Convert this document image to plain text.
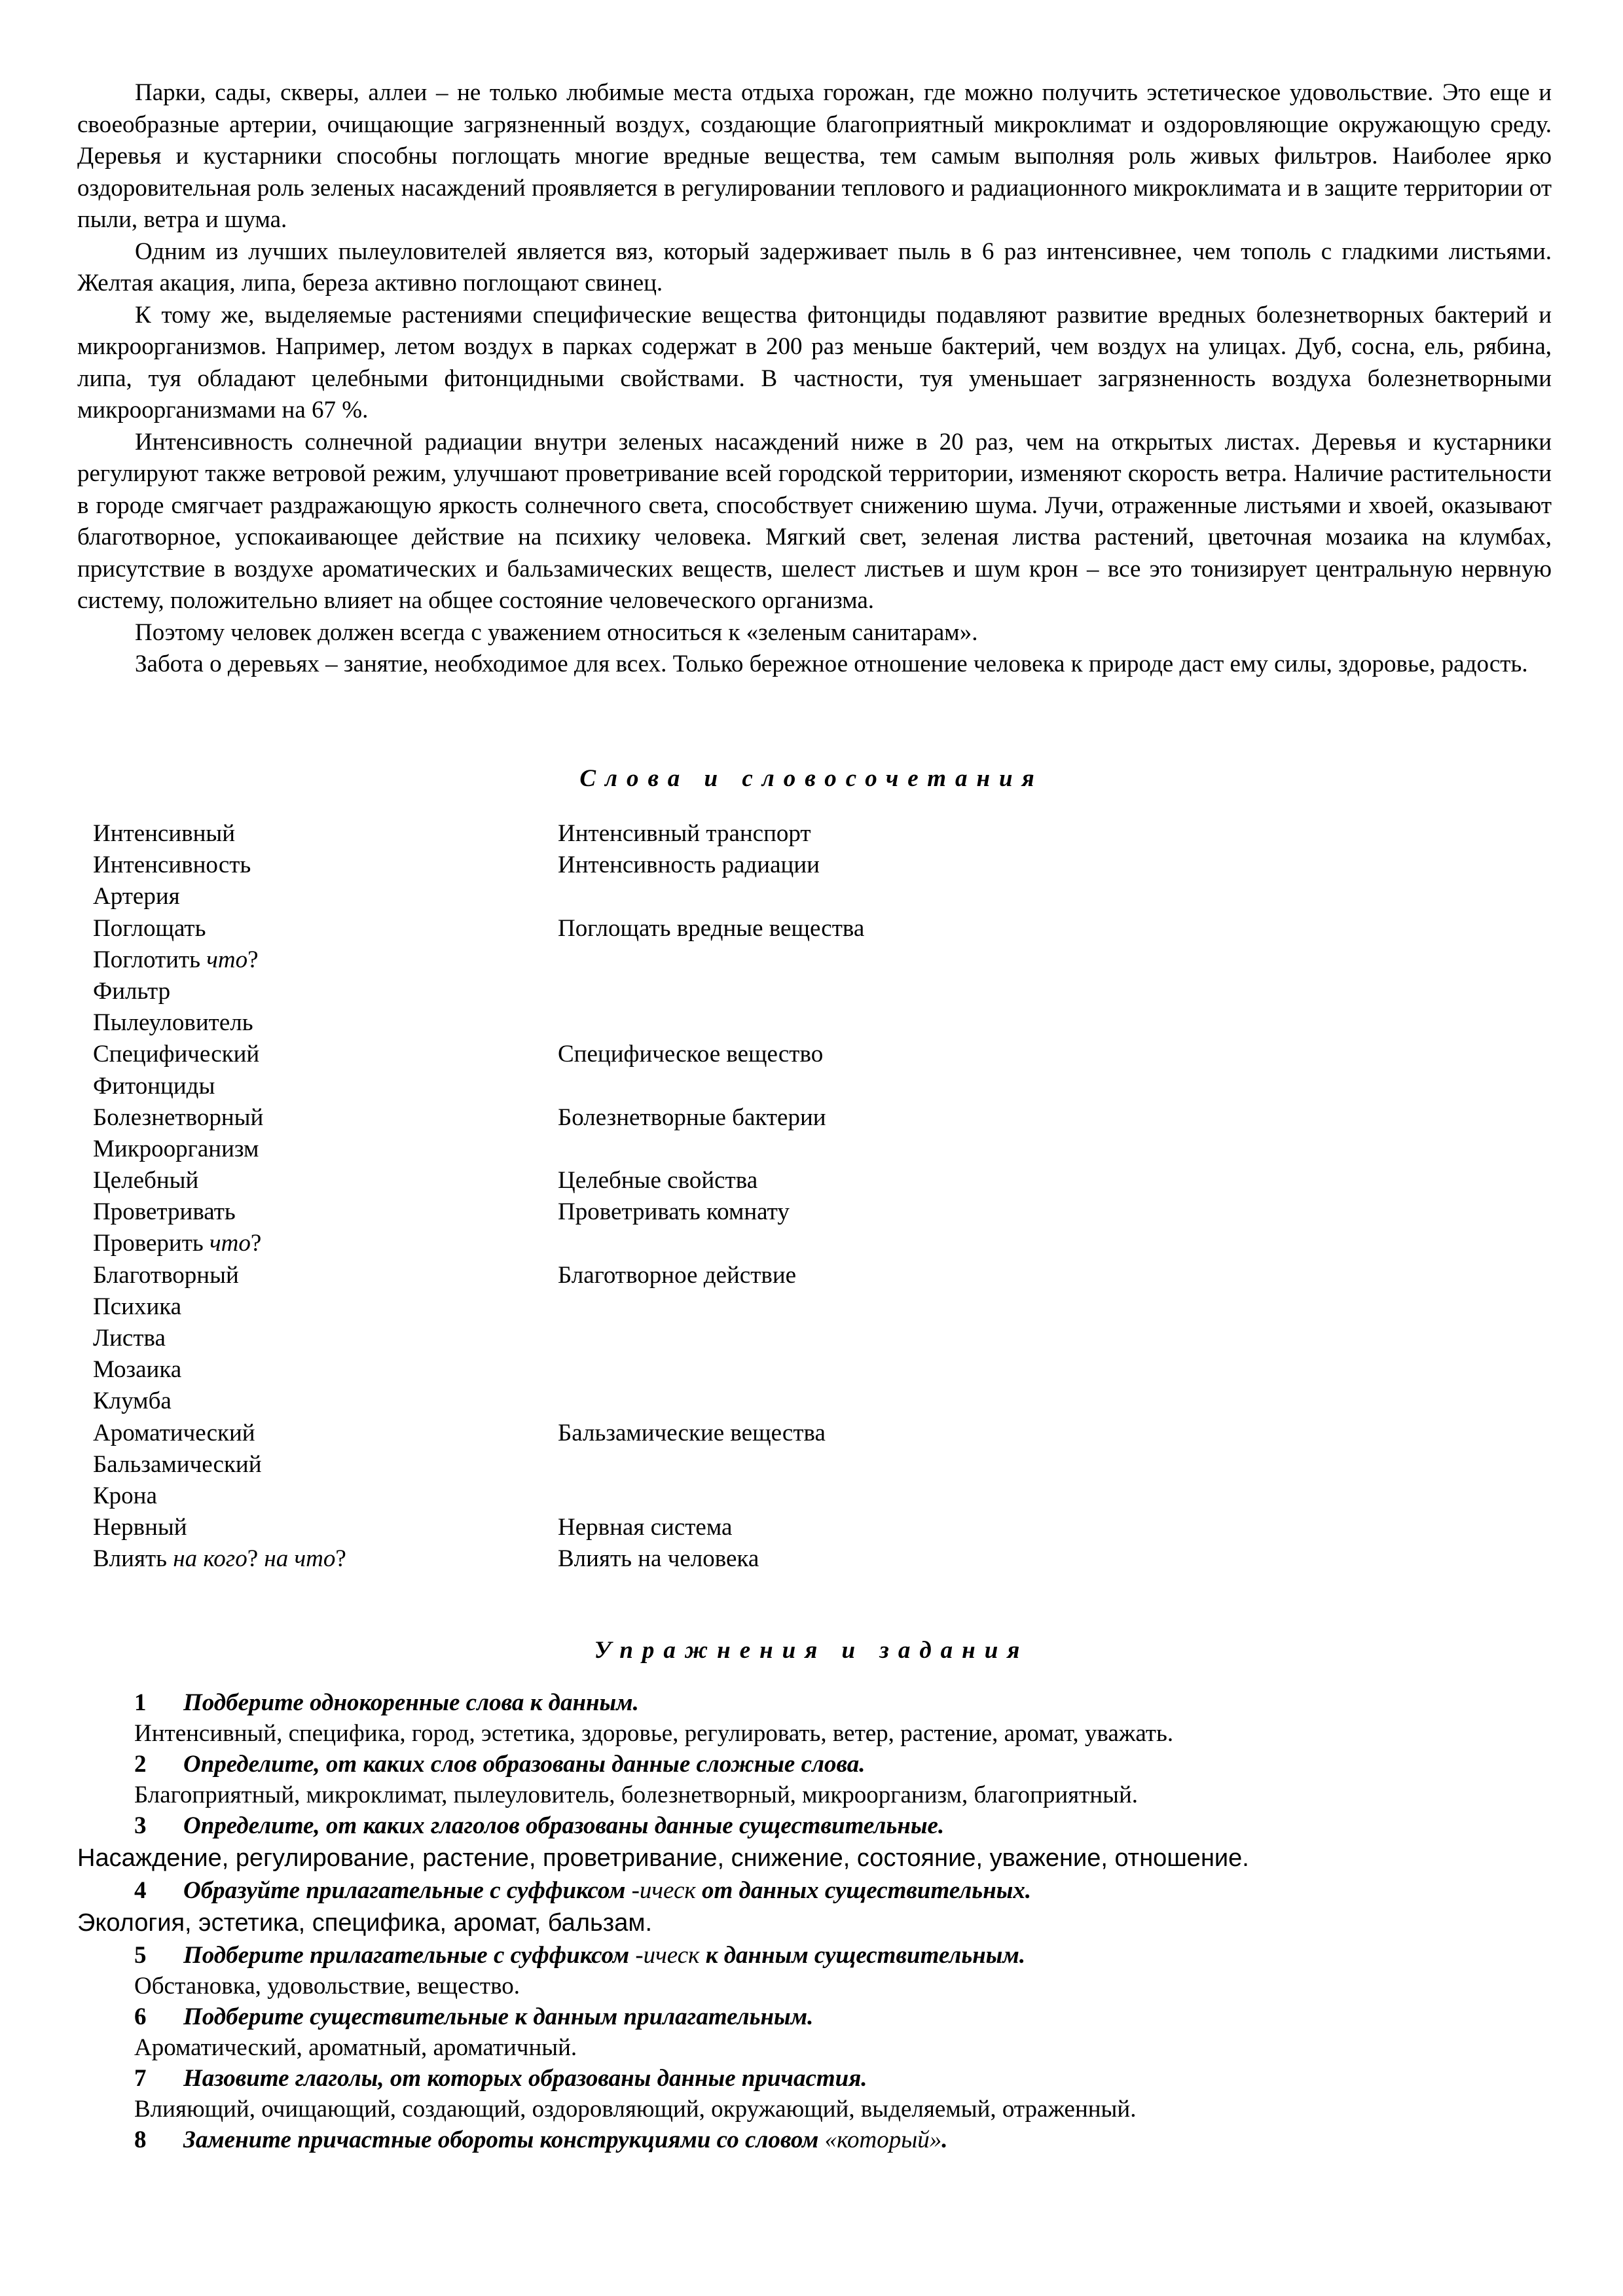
Парки, сады, скверы, аллеи – не только любимые места отдыха горожан, где можно получить эстетическое удовольствие. Это еще и своеобразные артерии, очищающие загрязненный воздух, создающие благоприятный микроклимат и оздоровляющие окружающую среду. Деревья и кустарники способны поглощать многие вредные вещества, тем самым выполняя роль живых фильтров. Наиболее ярко оздоровительная роль зеленых насаждений проявляется в регулировании теплового и радиационного микроклимата и в защите территории от пыли, ветра и шума.

Одним из лучших пылеуловителей является вяз, который задерживает пыль в 6 раз интенсивнее, чем тополь с гладкими листьями. Желтая акация, липа, береза активно поглощают свинец.

К тому же, выделяемые растениями специфические вещества фитонциды подавляют развитие вредных болезнетворных бактерий и микроорганизмов. Например, летом воздух в парках содержат в 200 раз меньше бактерий, чем воздух на улицах. Дуб, сосна, ель, рябина, липа, туя обладают целебными фитонцидными свойствами. В частности, туя уменьшает загрязненность воздуха болезнетворными микроорганизмами на 67 %.

Интенсивность солнечной радиации внутри зеленых насаждений ниже в 20 раз, чем на открытых листах. Деревья и кустарники регулируют также ветровой режим, улучшают проветривание всей городской территории, изменяют скорость ветра. Наличие растительности в городе смягчает раздражающую яркость солнечного света, способствует снижению шума. Лучи, отраженные листьями и хвоей, оказывают благотворное, успокаивающее действие на психику человека. Мягкий свет, зеленая листва растений, цветочная мозаика на клумбах, присутствие в воздухе ароматических и бальзамических веществ, шелест листьев и шум крон – все это тонизирует центральную нервную систему, положительно влияет на общее состояние человеческого организма.

Поэтому человек должен всегда с уважением относиться к «зеленым санитарам».

Забота о деревьях – занятие, необходимое для всех. Только бережное отношение человека к природе даст ему силы, здоровье, радость.

Слова и словосочетания
Интенсивный	Интенсивный транспорт
Интенсивность	Интенсивность радиации
Артерия
Поглощать	Поглощать вредные вещества
Поглотить что?
Фильтр
Пылеуловитель
Специфический	Специфическое вещество
Фитонциды
Болезнетворный	Болезнетворные бактерии
Микроорганизм
Целебный	Целебные свойства
Проветривать	Проветривать комнату
Проверить что?
Благотворный	Благотворное действие
Психика
Листва
Мозаика
Клумба
Ароматический	Бальзамические вещества
Бальзамический
Крона
Нервный	Нервная система
Влиять на кого? на что?	Влиять на человека
Упражнения и задания
1 Подберите однокоренные слова к данным.
Интенсивный, специфика, город, эстетика, здоровье, регулировать, ветер, растение, аромат, уважать.
2 Определите, от каких слов образованы данные сложные слова.
Благоприятный, микроклимат, пылеуловитель, болезнетворный, микроорганизм, благоприятный.
3 Определите, от каких глаголов образованы данные существительные.
Насаждение, регулирование, растение, проветривание, снижение, состояние, уважение, отношение.
4 Образуйте прилагательные с суффиксом -ическ от данных существительных.
Экология, эстетика, специфика, аромат, бальзам.
5 Подберите прилагательные с суффиксом -ическ к данным существительным.
Обстановка, удовольствие, вещество.
6 Подберите существительные к данным прилагательным.
Ароматический, ароматный, ароматичный.
7 Назовите глаголы, от которых образованы данные причастия.
Влияющий, очищающий, создающий, оздоровляющий, окружающий, выделяемый, отраженный.
8 Замените причастные обороты конструкциями со словом «который».
